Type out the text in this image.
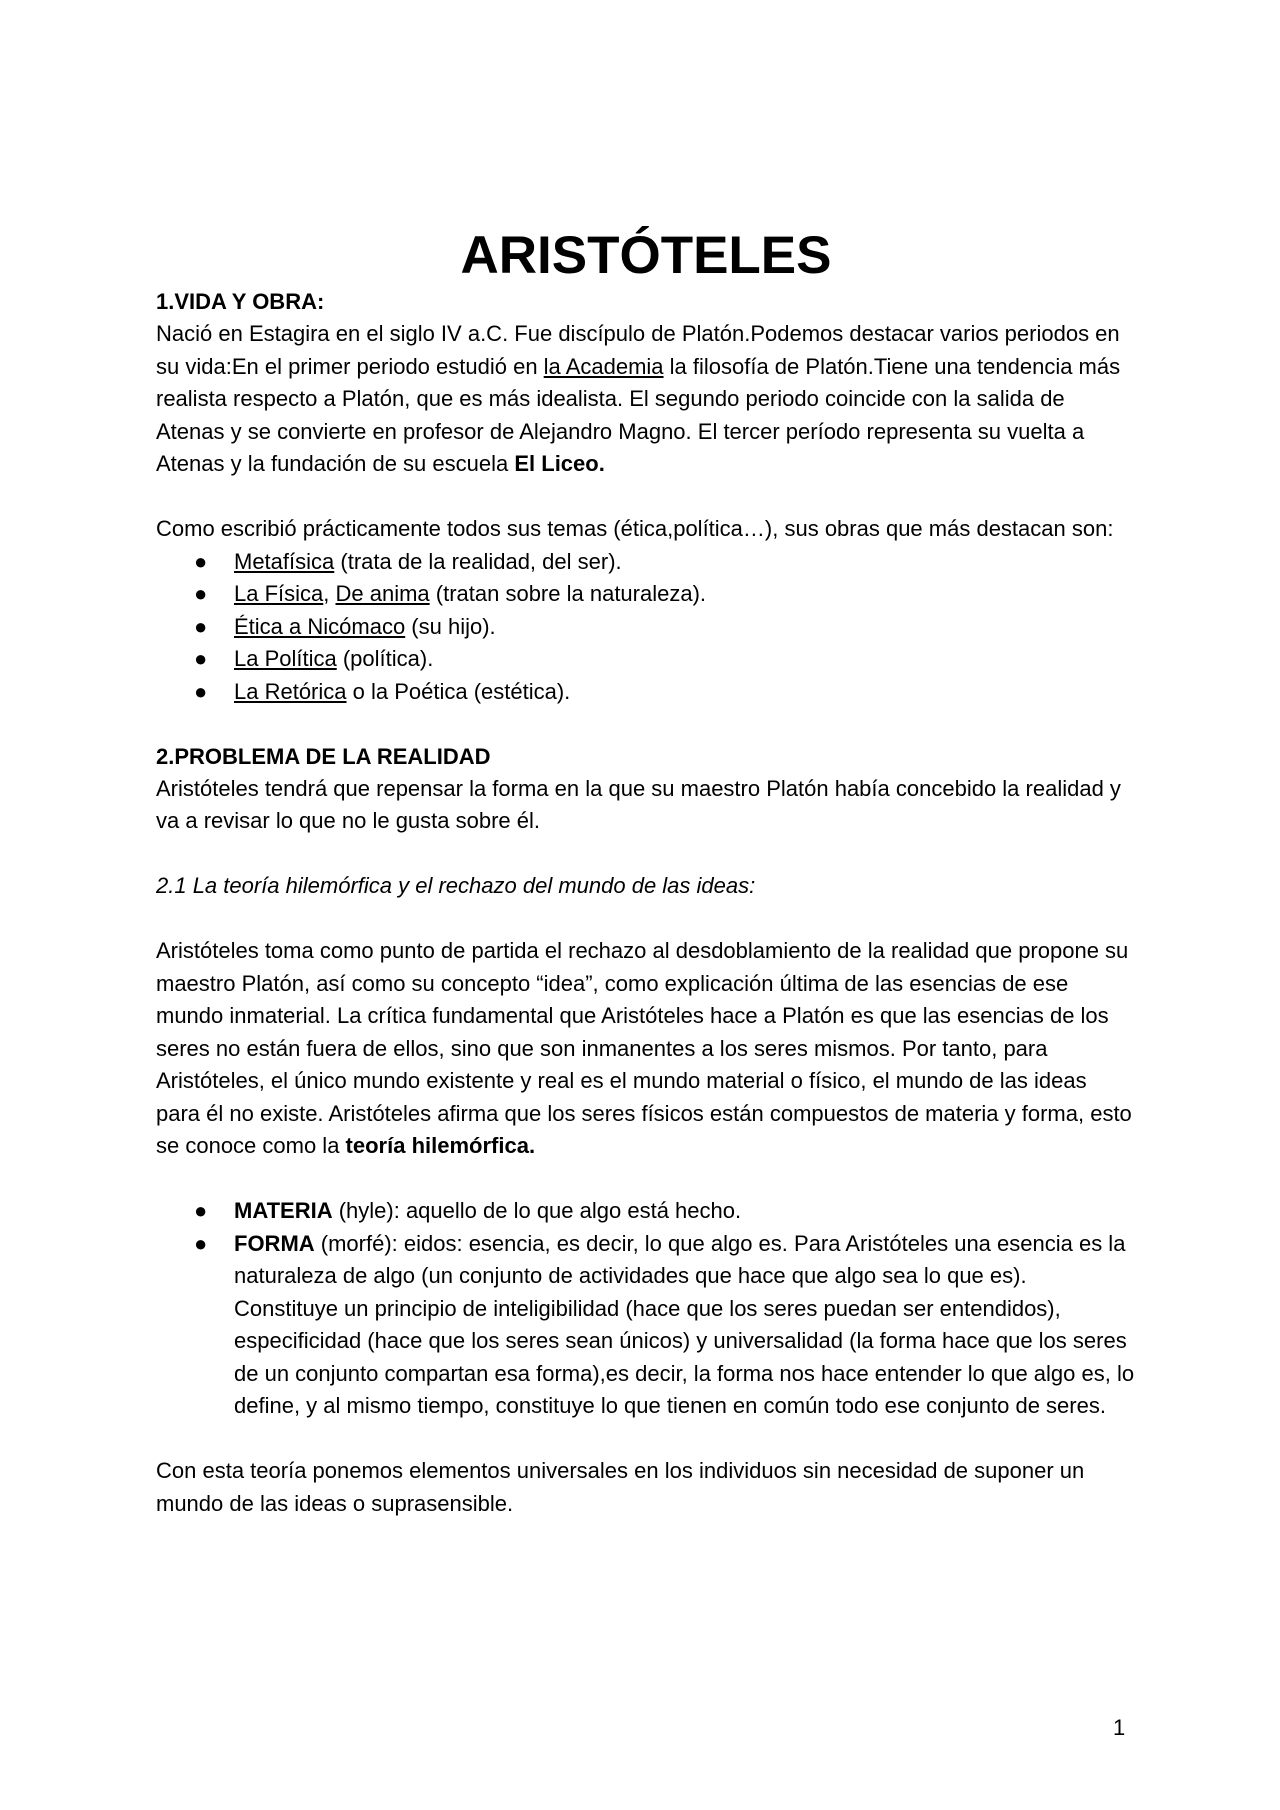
ARISTÓTELES
1.VIDA Y OBRA:

Nació en Estagira en el siglo IV a.C. Fue discípulo de Platón.Podemos destacar varios periodos en su vida:En el primer periodo estudió en la Academia la filosofía de Platón.Tiene una tendencia más realista respecto a Platón, que es más idealista. El segundo periodo coincide con la salida de Atenas y se convierte en profesor de Alejandro Magno. El tercer período representa su vuelta a Atenas y la fundación de su escuela El Liceo.

Como escribió prácticamente todos sus temas (ética,política…), sus obras que más destacan son:

● Metafísica (trata de la realidad, del ser).
● La Física, De anima (tratan sobre la naturaleza).
● Ética a Nicómaco (su hijo).
● La Política (política).
● La Retórica o la Poética (estética).
2.PROBLEMA DE LA REALIDAD

Aristóteles tendrá que repensar la forma en la que su maestro Platón había concebido la realidad y va a revisar lo que no le gusta sobre él.

2.1 La teoría hilemórfica y el rechazo del mundo de las ideas:

Aristóteles toma como punto de partida el rechazo al desdoblamiento de la realidad que propone su maestro Platón, así como su concepto “idea”, como explicación última de las esencias de ese mundo inmaterial. La crítica fundamental que Aristóteles hace a Platón es que las esencias de los seres no están fuera de ellos, sino que son inmanentes a los seres mismos. Por tanto, para Aristóteles, el único mundo existente y real es el mundo material o físico, el mundo de las ideas para él no existe. Aristóteles afirma que los seres físicos están compuestos de materia y forma, esto se conoce como la teoría hilemórfica.

● MATERIA (hyle): aquello de lo que algo está hecho.
● FORMA (morfé): eidos: esencia, es decir, lo que algo es. Para Aristóteles una esencia es la naturaleza de algo (un conjunto de actividades que hace que algo sea lo que es). Constituye un principio de inteligibilidad (hace que los seres puedan ser entendidos), especificidad (hace que los seres sean únicos) y universalidad (la forma hace que los seres de un conjunto compartan esa forma),es decir, la forma nos hace entender lo que algo es, lo define, y al mismo tiempo, constituye lo que tienen en común todo ese conjunto de seres.

Con esta teoría ponemos elementos universales en los individuos sin necesidad de suponer un mundo de las ideas o suprasensible.

1
